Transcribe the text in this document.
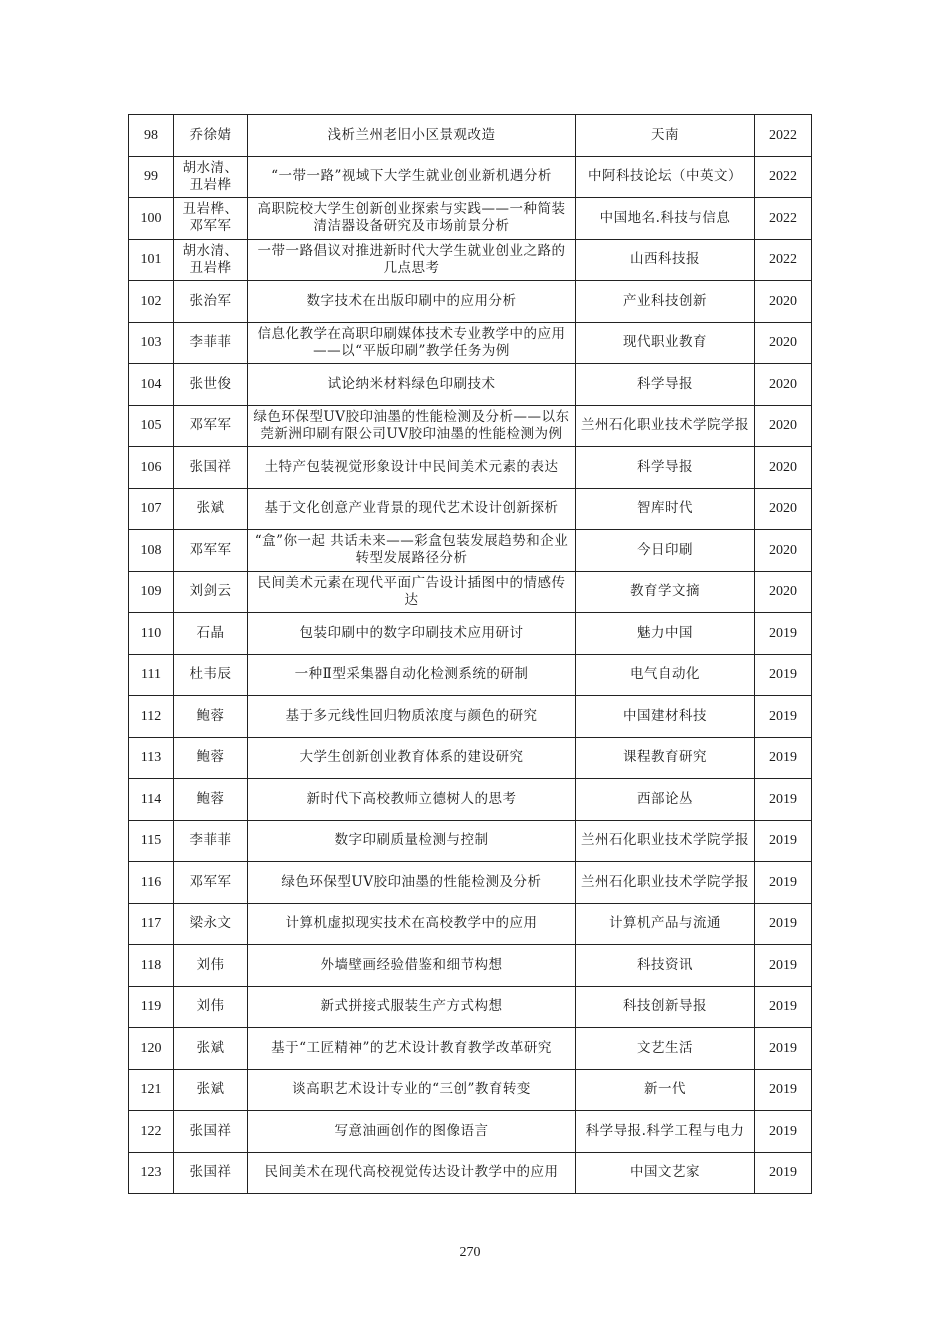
98	乔徐婧	浅析兰州老旧小区景观改造	天南	2022
99	胡水清、丑岩桦	“一带一路”视域下大学生就业创业新机遇分析	中阿科技论坛（中英文）	2022
100	丑岩桦、邓军军	高职院校大学生创新创业探索与实践——一种简装清洁器设备研究及市场前景分析	中国地名.科技与信息	2022
101	胡水清、丑岩桦	一带一路倡议对推进新时代大学生就业创业之路的几点思考	山西科技报	2022
102	张治军	数字技术在出版印刷中的应用分析	产业科技创新	2020
103	李菲菲	信息化教学在高职印刷媒体技术专业教学中的应用——以“平版印刷”教学任务为例	现代职业教育	2020
104	张世俊	试论纳米材料绿色印刷技术	科学导报	2020
105	邓军军	绿色环保型UV胶印油墨的性能检测及分析——以东莞新洲印刷有限公司UV胶印油墨的性能检测为例	兰州石化职业技术学院学报	2020
106	张国祥	土特产包装视觉形象设计中民间美术元素的表达	科学导报	2020
107	张斌	基于文化创意产业背景的现代艺术设计创新探析	智库时代	2020
108	邓军军	“盒”你一起 共话未来——彩盒包装发展趋势和企业转型发展路径分析	今日印刷	2020
109	刘剑云	民间美术元素在现代平面广告设计插图中的情感传达	教育学文摘	2020
110	石晶	包装印刷中的数字印刷技术应用研讨	魅力中国	2019
111	杜韦辰	一种Ⅱ型采集器自动化检测系统的研制	电气自动化	2019
112	鲍蓉	基于多元线性回归物质浓度与颜色的研究	中国建材科技	2019
113	鲍蓉	大学生创新创业教育体系的建设研究	课程教育研究	2019
114	鲍蓉	新时代下高校教师立德树人的思考	西部论丛	2019
115	李菲菲	数字印刷质量检测与控制	兰州石化职业技术学院学报	2019
116	邓军军	绿色环保型UV胶印油墨的性能检测及分析	兰州石化职业技术学院学报	2019
117	梁永文	计算机虚拟现实技术在高校教学中的应用	计算机产品与流通	2019
118	刘伟	外墙壁画经验借鉴和细节构想	科技资讯	2019
119	刘伟	新式拼接式服装生产方式构想	科技创新导报	2019
120	张斌	基于“工匠精神”的艺术设计教育教学改革研究	文艺生活	2019
121	张斌	谈高职艺术设计专业的“三创”教育转变	新一代	2019
122	张国祥	写意油画创作的图像语言	科学导报.科学工程与电力	2019
123	张国祥	民间美术在现代高校视觉传达设计教学中的应用	中国文艺家	2019
270
